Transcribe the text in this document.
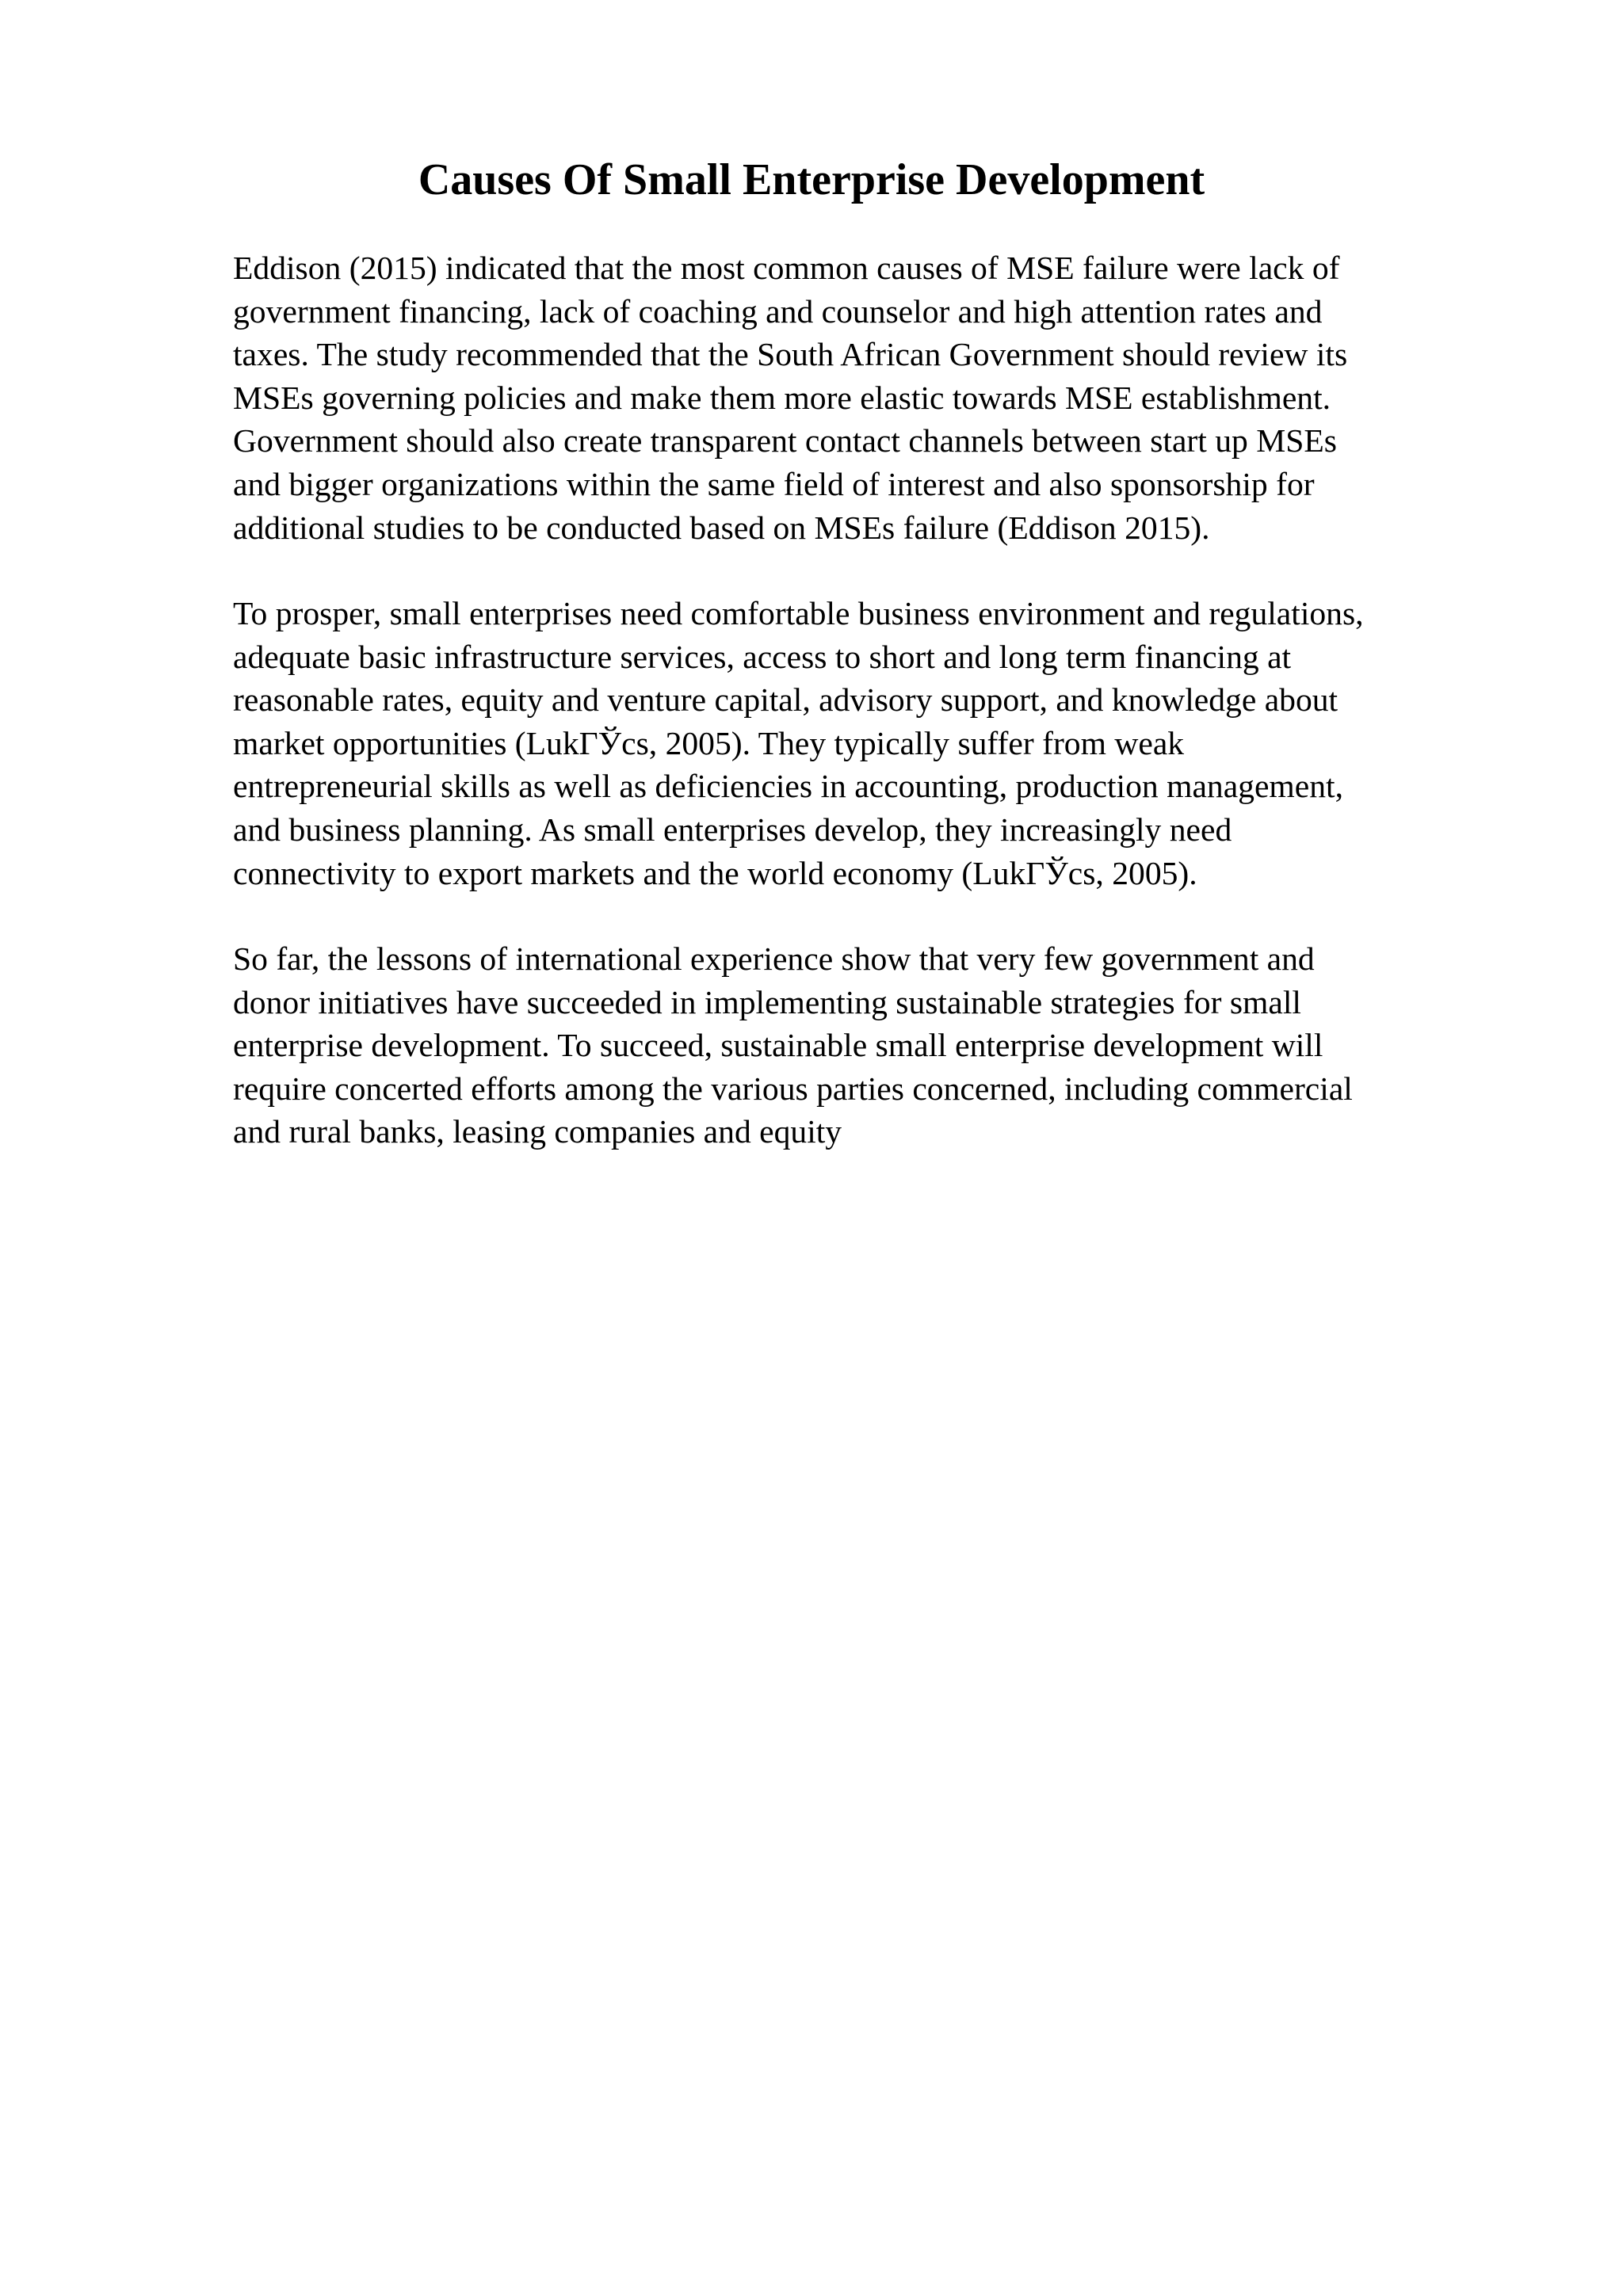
Causes Of Small Enterprise Development

Eddison (2015) indicated that the most common causes of MSE failure were lack of
government financing, lack of coaching and counselor and high attention rates and
taxes. The study recommended that the South African Government should review its
MSEs governing policies and make them more elastic towards MSE establishment.
Government should also create transparent contact channels between start up MSEs
and bigger organizations within the same field of interest and also sponsorship for
additional studies to be conducted based on MSEs failure (Eddison 2015).

To prosper, small enterprises need comfortable business environment and regulations,
adequate basic infrastructure services, access to short and long term financing at
reasonable rates, equity and venture capital, advisory support, and knowledge about
market opportunities (LukГЎcs, 2005). They typically suffer from weak
entrepreneurial skills as well as deficiencies in accounting, production management,
and business planning. As small enterprises develop, they increasingly need
connectivity to export markets and the world economy (LukГЎcs, 2005).

So far, the lessons of international experience show that very few government and
donor initiatives have succeeded in implementing sustainable strategies for small
enterprise development. To succeed, sustainable small enterprise development will
require concerted efforts among the various parties concerned, including commercial
and rural banks, leasing companies and equity
